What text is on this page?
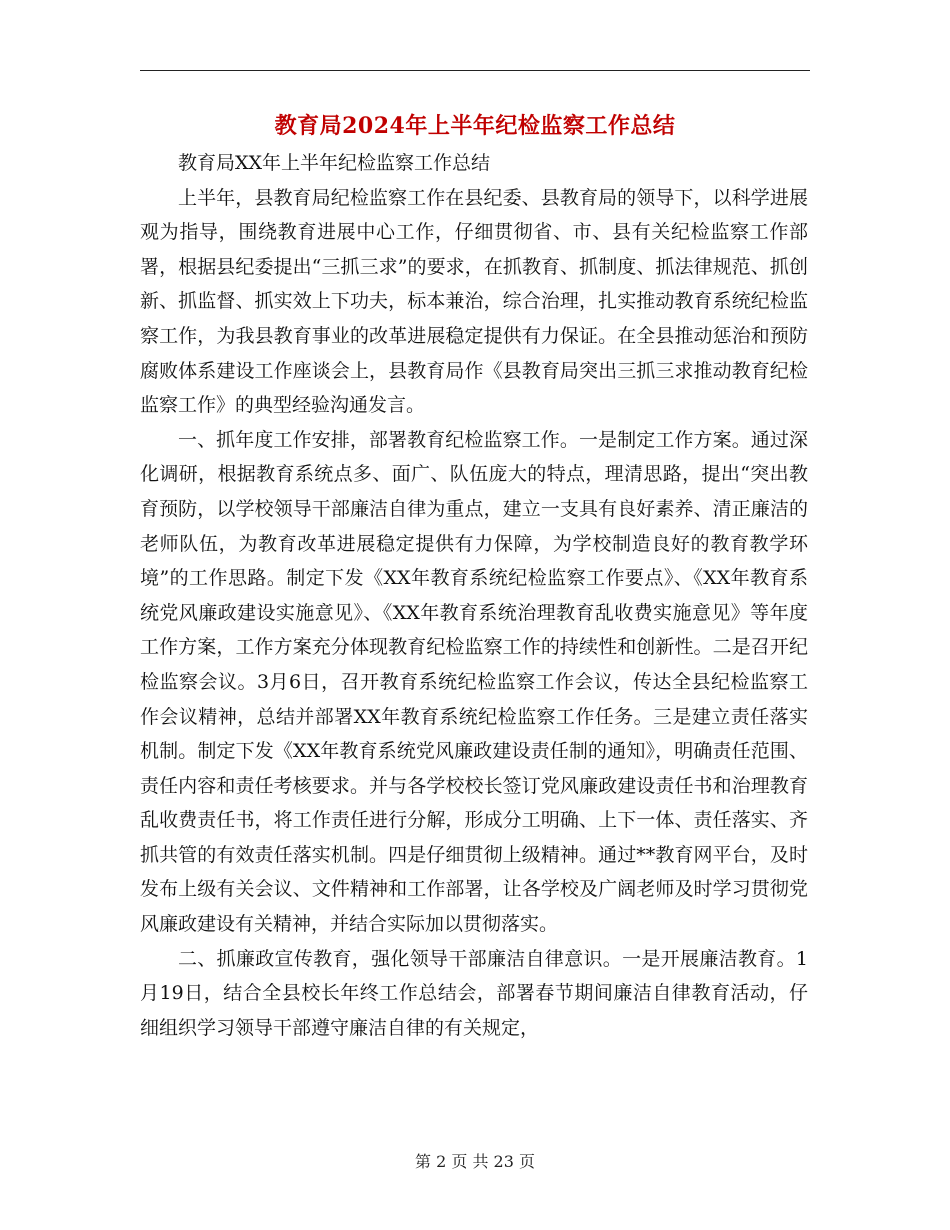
教育局2024年上半年纪检监察工作总结

教育局XX年上半年纪检监察工作总结

上半年，县教育局纪检监察工作在县纪委、县教育局的领导下，以科学进展观为指导，围绕教育进展中心工作，仔细贯彻省、市、县有关纪检监察工作部署，根据县纪委提出“三抓三求”的要求，在抓教育、抓制度、抓法律规范、抓创新、抓监督、抓实效上下功夫，标本兼治，综合治理，扎实推动教育系统纪检监察工作，为我县教育事业的改革进展稳定提供有力保证。在全县推动惩治和预防腐败体系建设工作座谈会上，县教育局作《县教育局突出三抓三求推动教育纪检监察工作》的典型经验沟通发言。

一、抓年度工作安排，部署教育纪检监察工作。一是制定工作方案。通过深化调研，根据教育系统点多、面广、队伍庞大的特点，理清思路，提出“突出教育预防，以学校领导干部廉洁自律为重点，建立一支具有良好素养、清正廉洁的老师队伍，为教育改革进展稳定提供有力保障，为学校制造良好的教育教学环境”的工作思路。制定下发《XX年教育系统纪检监察工作要点》、《XX年教育系统党风廉政建设实施意见》、《XX年教育系统治理教育乱收费实施意见》等年度工作方案，工作方案充分体现教育纪检监察工作的持续性和创新性。二是召开纪检监察会议。3月6日，召开教育系统纪检监察工作会议，传达全县纪检监察工作会议精神，总结并部署XX年教育系统纪检监察工作任务。三是建立责任落实机制。制定下发《XX年教育系统党风廉政建设责任制的通知》，明确责任范围、责任内容和责任考核要求。并与各学校校长签订党风廉政建设责任书和治理教育乱收费责任书，将工作责任进行分解，形成分工明确、上下一体、责任落实、齐抓共管的有效责任落实机制。四是仔细贯彻上级精神。通过**教育网平台，及时发布上级有关会议、文件精神和工作部署，让各学校及广阔老师及时学习贯彻党风廉政建设有关精神，并结合实际加以贯彻落实。

二、抓廉政宣传教育，强化领导干部廉洁自律意识。一是开展廉洁教育。1月19日，结合全县校长年终工作总结会，部署春节期间廉洁自律教育活动，仔细组织学习领导干部遵守廉洁自律的有关规定，

第 2 页 共 23 页
